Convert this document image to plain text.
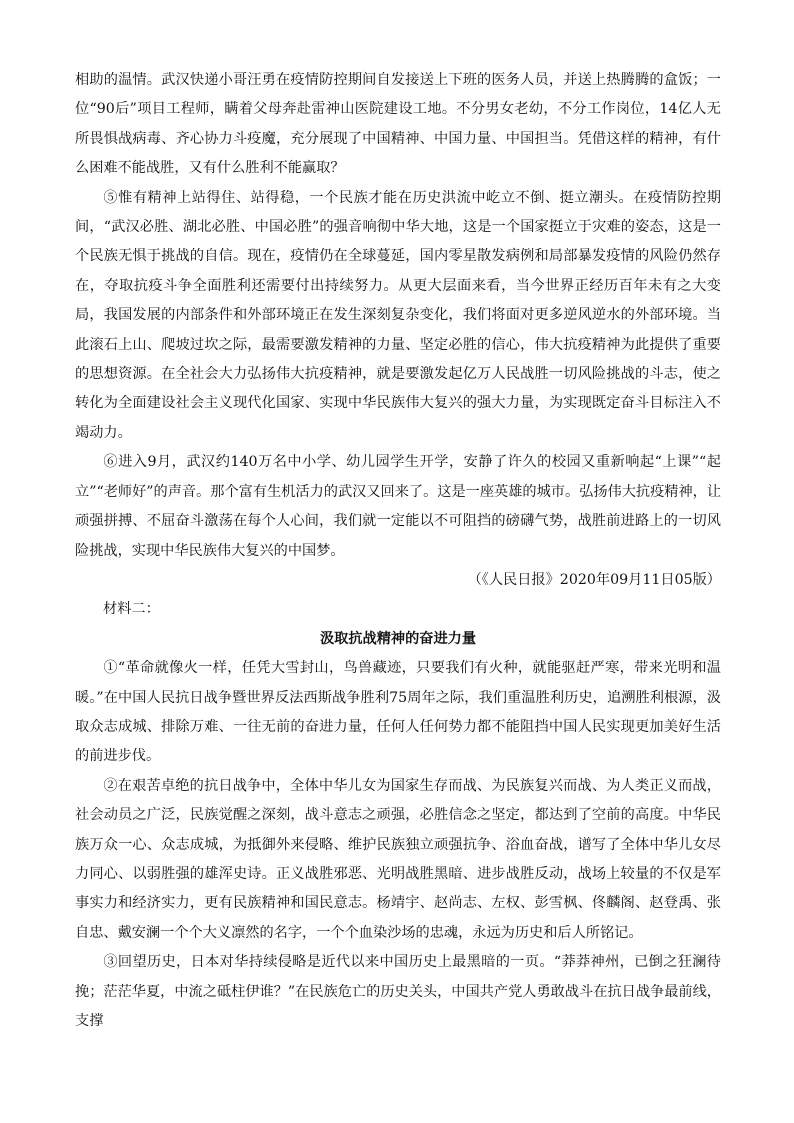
相助的温情。武汉快递小哥汪勇在疫情防控期间自发接送上下班的医务人员，并送上热腾腾的盒饭；一位“90后”项目工程师，瞒着父母奔赴雷神山医院建设工地。不分男女老幼，不分工作岗位，14亿人无所畏惧战病毒、齐心协力斗疫魔，充分展现了中国精神、中国力量、中国担当。凭借这样的精神，有什么困难不能战胜，又有什么胜利不能赢取？

⑤惟有精神上站得住、站得稳，一个民族才能在历史洪流中屹立不倒、挺立潮头。在疫情防控期间，“武汉必胜、湖北必胜、中国必胜”的强音响彻中华大地，这是一个国家挺立于灾难的姿态，这是一个民族无惧于挑战的自信。现在，疫情仍在全球蔓延，国内零星散发病例和局部暴发疫情的风险仍然存在，夺取抗疫斗争全面胜利还需要付出持续努力。从更大层面来看，当今世界正经历百年未有之大变局，我国发展的内部条件和外部环境正在发生深刻复杂变化，我们将面对更多逆风逆水的外部环境。当此滚石上山、爬坡过坎之际，最需要激发精神的力量、坚定必胜的信心，伟大抗疫精神为此提供了重要的思想资源。在全社会大力弘扬伟大抗疫精神，就是要激发起亿万人民战胜一切风险挑战的斗志，使之转化为全面建设社会主义现代化国家、实现中华民族伟大复兴的强大力量，为实现既定奋斗目标注入不竭动力。

⑥进入9月，武汉约140万名中小学、幼儿园学生开学，安静了许久的校园又重新响起“上课”“起立”“老师好”的声音。那个富有生机活力的武汉又回来了。这是一座英雄的城市。弘扬伟大抗疫精神，让顽强拼搏、不屈奋斗激荡在每个人心间，我们就一定能以不可阻挡的磅礴气势，战胜前进路上的一切风险挑战，实现中华民族伟大复兴的中国梦。

（《人民日报》2020年09月11日05版）

材料二：

汲取抗战精神的奋进力量

①“革命就像火一样，任凭大雪封山，鸟兽藏迹，只要我们有火种，就能驱赶严寒，带来光明和温暖。”在中国人民抗日战争暨世界反法西斯战争胜利75周年之际，我们重温胜利历史，追溯胜利根源，汲取众志成城、排除万难、一往无前的奋进力量，任何人任何势力都不能阻挡中国人民实现更加美好生活的前进步伐。

②在艰苦卓绝的抗日战争中，全体中华儿女为国家生存而战、为民族复兴而战、为人类正义而战，社会动员之广泛，民族觉醒之深刻，战斗意志之顽强，必胜信念之坚定，都达到了空前的高度。中华民族万众一心、众志成城，为抵御外来侵略、维护民族独立顽强抗争、浴血奋战，谱写了全体中华儿女尽力同心、以弱胜强的雄浑史诗。正义战胜邪恶、光明战胜黑暗、进步战胜反动，战场上较量的不仅是军事实力和经济实力，更有民族精神和国民意志。杨靖宇、赵尚志、左权、彭雪枫、佟麟阁、赵登禹、张自忠、戴安澜一个个大义凛然的名字，一个个血染沙场的忠魂，永远为历史和后人所铭记。

③回望历史，日本对华持续侵略是近代以来中国历史上最黑暗的一页。“莽莽神州，已倒之狂澜待挽；茫茫华夏，中流之砥柱伊谁？”在民族危亡的历史关头，中国共产党人勇敢战斗在抗日战争最前线，支撑
